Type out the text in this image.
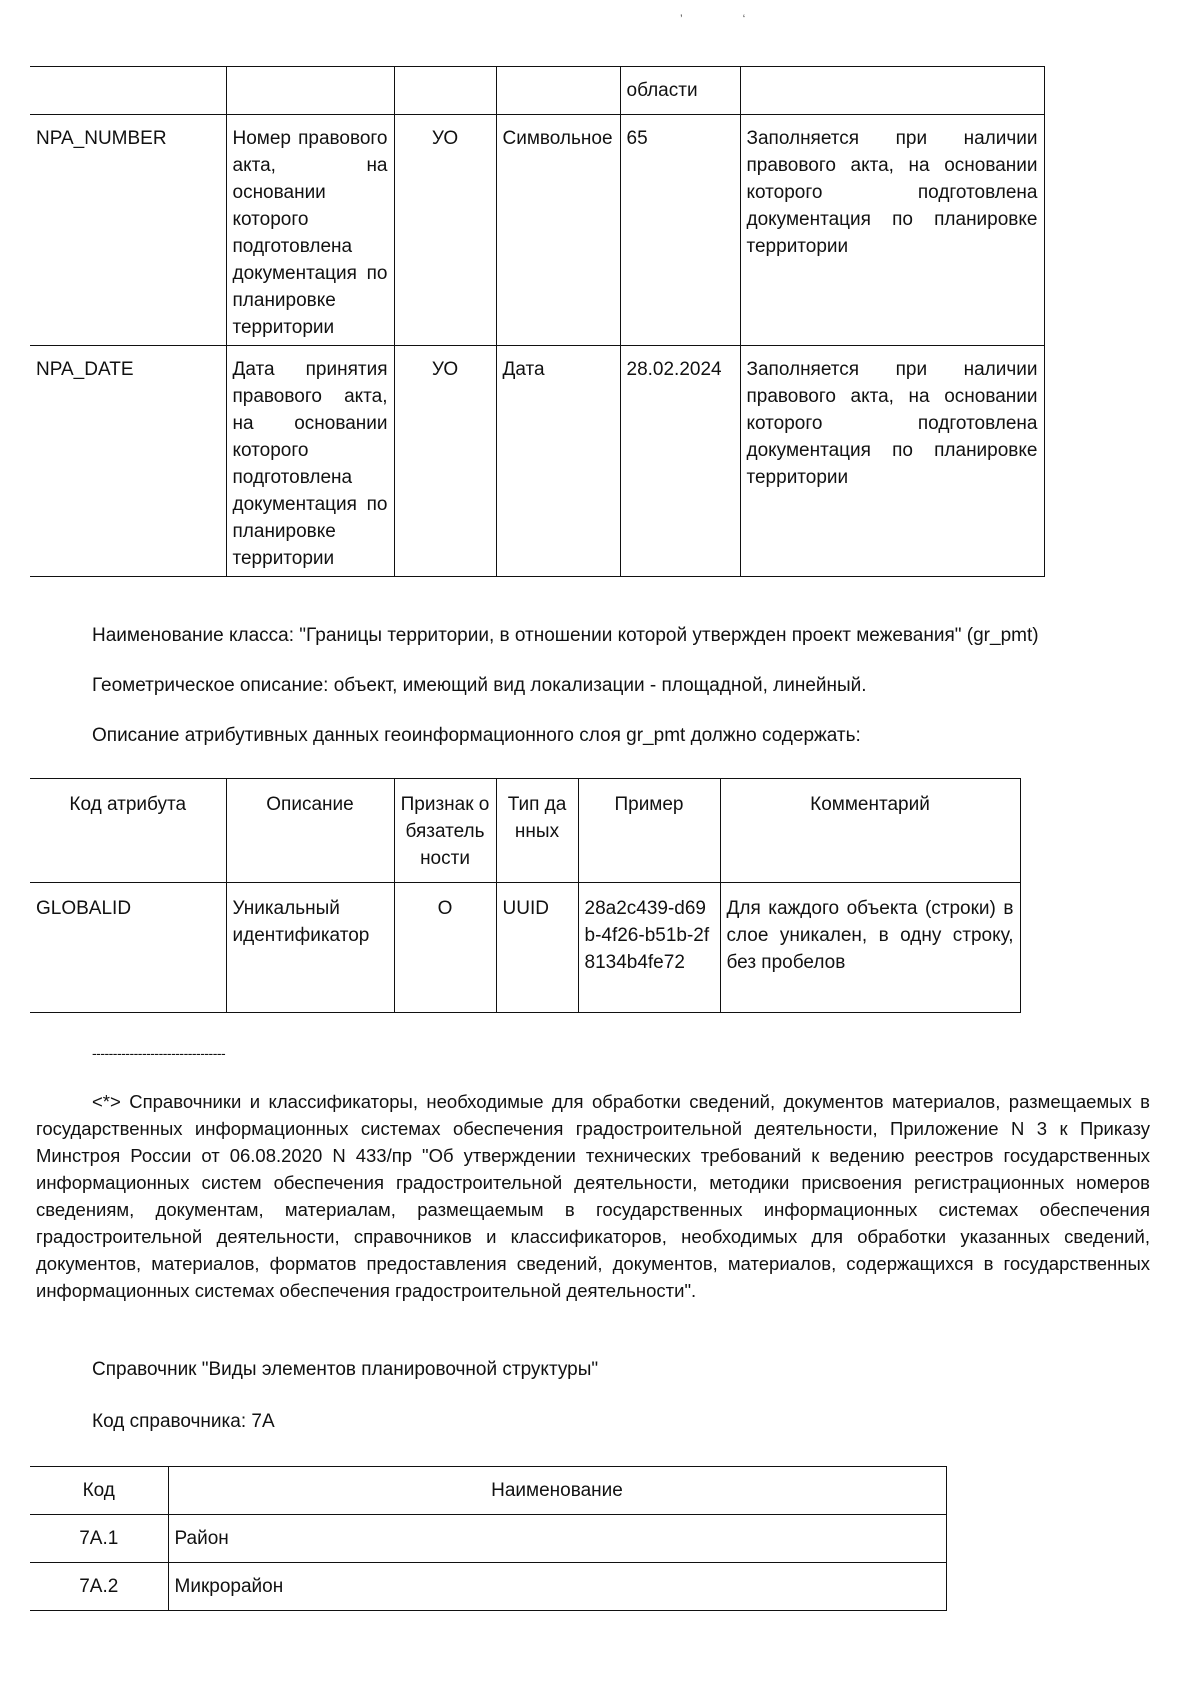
’                  ‘
				области	
NPA_NUMBER	Номер правового акта, на основании которого подготовлена документация по планировке территории	УО	Символьное	65	Заполняется при наличии правового акта, на основании которого подготовлена документация по планировке территории
NPA_DATE	Дата принятия правового акта, на основании которого подготовлена документация по планировке территории	УО	Дата	28.02.2024	Заполняется при наличии правового акта, на основании которого подготовлена документация по планировке территории
Наименование класса: "Границы территории, в отношении которой утвержден проект межевания" (gr_pmt)
Геометрическое описание: объект, имеющий вид локализации - площадной, линейный.
Описание атрибутивных данных геоинформационного слоя gr_pmt должно содержать:
Код атрибута	Описание	Признак обязательности	Тип данных	Пример	Комментарий
GLOBALID	Уникальный идентификатор	О	UUID	28a2c439-d69b-4f26-b51b-2f8134b4fe72	Для каждого объекта (строки) в слое уникален, в одну строку, без пробелов
--------------------------------
<*> Справочники и классификаторы, необходимые для обработки сведений, документов материалов, размещаемых в государственных информационных системах обеспечения градостроительной деятельности, Приложение N 3 к Приказу Минстроя России от 06.08.2020 N 433/пр "Об утверждении технических требований к ведению реестров государственных информационных систем обеспечения градостроительной деятельности, методики присвоения регистрационных номеров сведениям, документам, материалам, размещаемым в государственных информационных системах обеспечения градостроительной деятельности, справочников и классификаторов, необходимых для обработки указанных сведений, документов, материалов, форматов предоставления сведений, документов, материалов, содержащихся в государственных информационных системах обеспечения градостроительной деятельности".
Справочник "Виды элементов планировочной структуры"
Код справочника: 7А
Код	Наименование
7А.1	Район
7А.2	Микрорайон
